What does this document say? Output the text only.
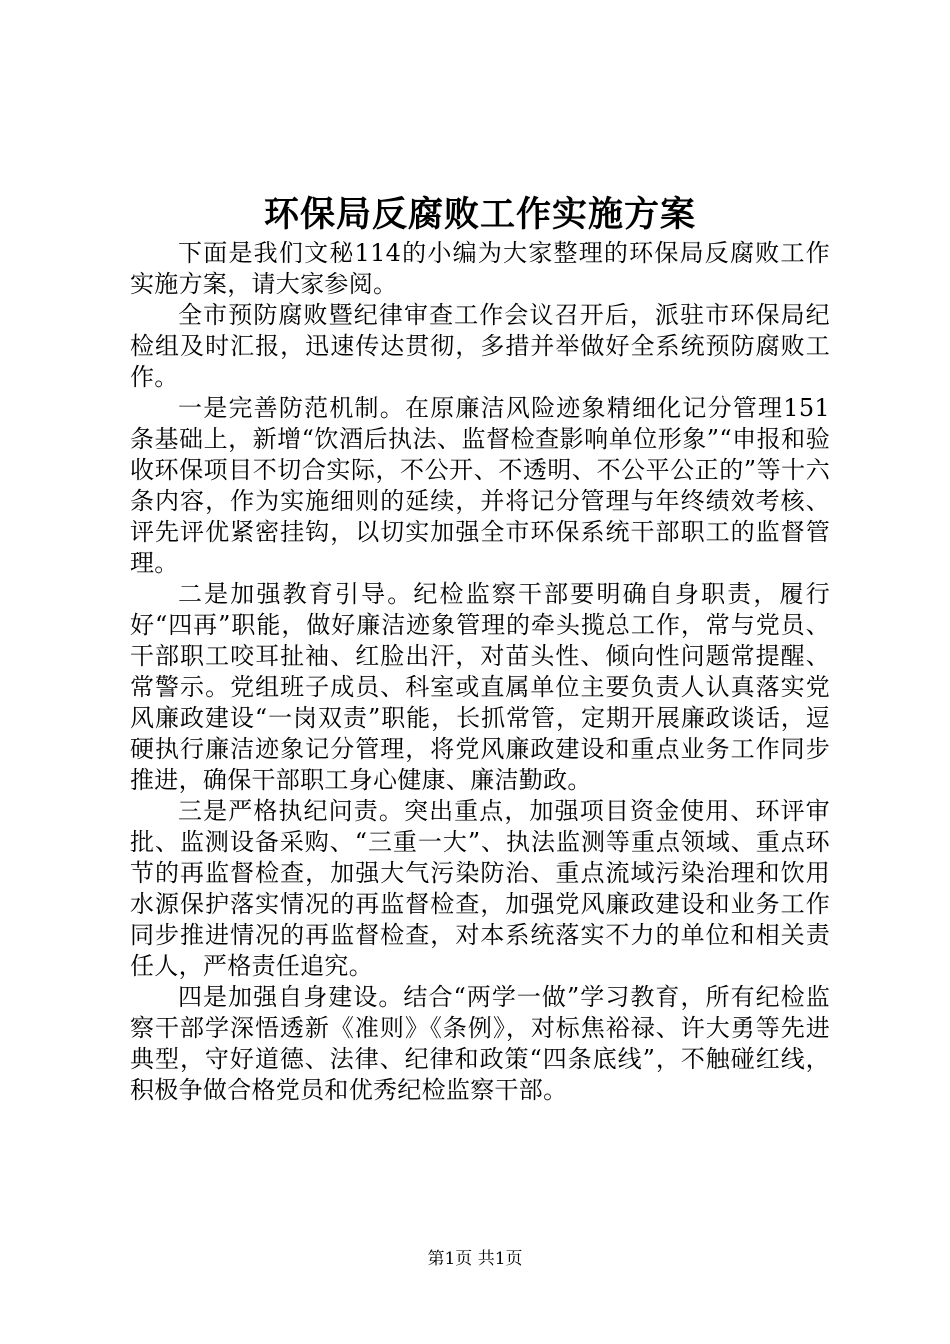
环保局反腐败工作实施方案

下面是我们文秘114的小编为大家整理的环保局反腐败工作实施方案，请大家参阅。

全市预防腐败暨纪律审查工作会议召开后，派驻市环保局纪检组及时汇报，迅速传达贯彻，多措并举做好全系统预防腐败工作。

一是完善防范机制。在原廉洁风险迹象精细化记分管理151条基础上，新增“饮酒后执法、监督检查影响单位形象”“申报和验收环保项目不切合实际，不公开、不透明、不公平公正的”等十六条内容，作为实施细则的延续，并将记分管理与年终绩效考核、评先评优紧密挂钩，以切实加强全市环保系统干部职工的监督管理。

二是加强教育引导。纪检监察干部要明确自身职责，履行好“四再”职能，做好廉洁迹象管理的牵头揽总工作，常与党员、干部职工咬耳扯袖、红脸出汗，对苗头性、倾向性问题常提醒、常警示。党组班子成员、科室或直属单位主要负责人认真落实党风廉政建设“一岗双责”职能，长抓常管，定期开展廉政谈话，逗硬执行廉洁迹象记分管理，将党风廉政建设和重点业务工作同步推进，确保干部职工身心健康、廉洁勤政。

三是严格执纪问责。突出重点，加强项目资金使用、环评审批、监测设备采购、“三重一大”、执法监测等重点领域、重点环节的再监督检查，加强大气污染防治、重点流域污染治理和饮用水源保护落实情况的再监督检查，加强党风廉政建设和业务工作同步推进情况的再监督检查，对本系统落实不力的单位和相关责任人，严格责任追究。

四是加强自身建设。结合“两学一做”学习教育，所有纪检监察干部学深悟透新《准则》《条例》，对标焦裕禄、许大勇等先进典型，守好道德、法律、纪律和政策“四条底线”，不触碰红线，积极争做合格党员和优秀纪检监察干部。

第1页 共1页
